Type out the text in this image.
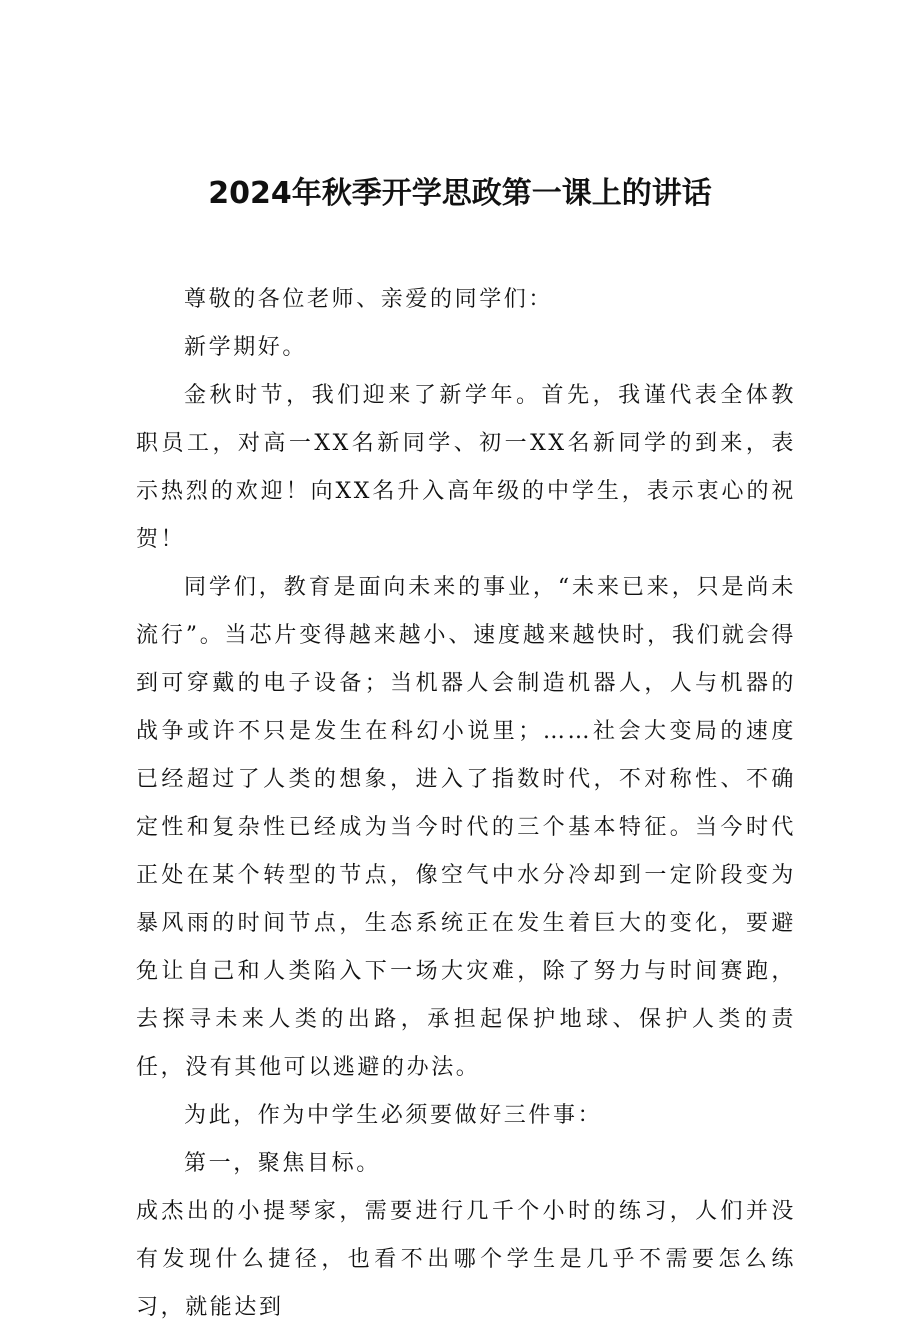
2024年秋季开学思政第一课上的讲话

尊敬的各位老师、亲爱的同学们：

新学期好。

金秋时节，我们迎来了新学年。首先，我谨代表全体教职员工，对高一XX名新同学、初一XX名新同学的到来，表示热烈的欢迎！向XX名升入高年级的中学生，表示衷心的祝贺！

同学们，教育是面向未来的事业，“未来已来，只是尚未流行”。当芯片变得越来越小、速度越来越快时，我们就会得到可穿戴的电子设备；当机器人会制造机器人，人与机器的战争或许不只是发生在科幻小说里；……社会大变局的速度已经超过了人类的想象，进入了指数时代，不对称性、不确定性和复杂性已经成为当今时代的三个基本特征。当今时代正处在某个转型的节点，像空气中水分冷却到一定阶段变为暴风雨的时间节点，生态系统正在发生着巨大的变化，要避免让自己和人类陷入下一场大灾难，除了努力与时间赛跑，去探寻未来人类的出路，承担起保护地球、保护人类的责任，没有其他可以逃避的办法。

为此，作为中学生必须要做好三件事：

第一，聚焦目标。

成杰出的小提琴家，需要进行几千个小时的练习，人们并没有发现什么捷径，也看不出哪个学生是几乎不需要怎么练习，就能达到
